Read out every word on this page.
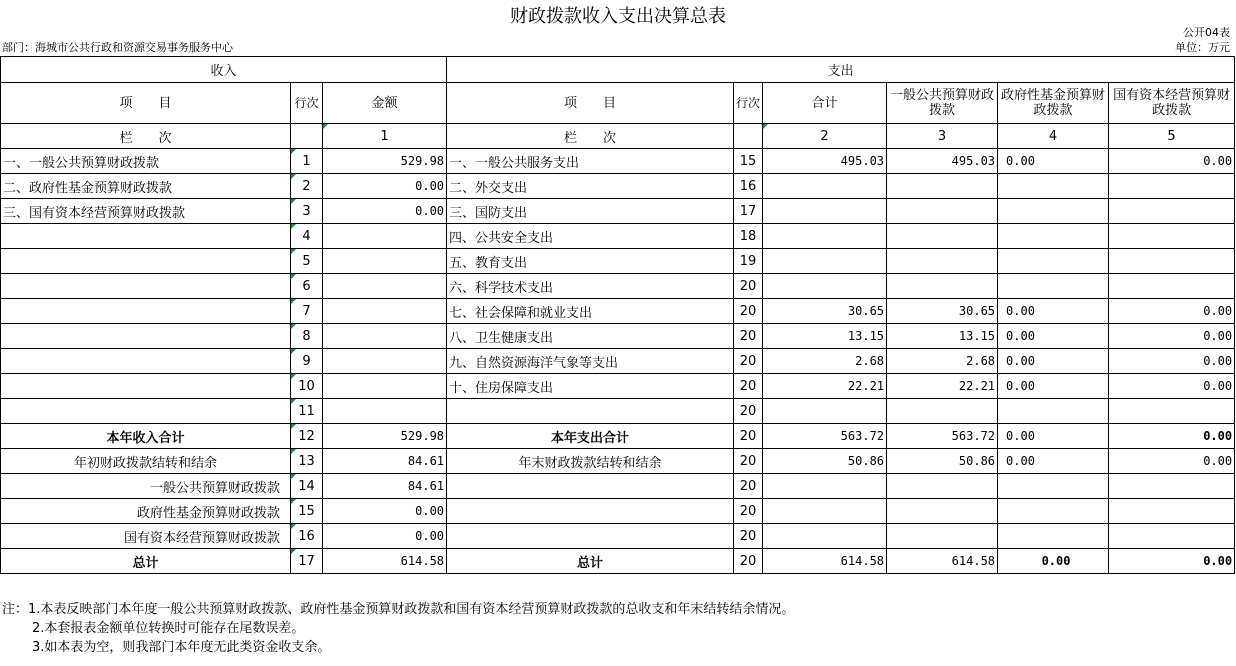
财政拨款收入支出决算总表
公开04表
部门：海城市公共行政和资源交易事务服务中心	单位：万元
收入			支出					
项　　目	行次	金额	项　　目	行次	合计	一般公共预算财政拨款	政府性基金预算财政拨款	国有资本经营预算财政拨款
栏　　次		1	栏　　次		2	3	4	5
一、一般公共预算财政拨款	1	529.98	一、一般公共服务支出	15	495.03	495.03	0.00	0.00
二、政府性基金预算财政拨款	2	0.00	二、外交支出	16				
三、国有资本经营预算财政拨款	3	0.00	三、国防支出	17				
	4		四、公共安全支出	18				
	5		五、教育支出	19				
	6		六、科学技术支出	20				
	7		七、社会保障和就业支出	20	30.65	30.65	0.00	0.00
	8		八、卫生健康支出	20	13.15	13.15	0.00	0.00
	9		九、自然资源海洋气象等支出	20	2.68	2.68	0.00	0.00
	10		十、住房保障支出	20	22.21	22.21	0.00	0.00
	11			20				
本年收入合计	12	529.98	本年支出合计	20	563.72	563.72	0.00	0.00
年初财政拨款结转和结余	13	84.61	年末财政拨款结转和结余	20	50.86	50.86	0.00	0.00
一般公共预算财政拨款	14	84.61		20				
政府性基金预算财政拨款	15	0.00		20				
国有资本经营预算财政拨款	16	0.00		20				
总计	17	614.58	总计	20	614.58	614.58	0.00	0.00
注：1.本表反映部门本年度一般公共预算财政拨款、政府性基金预算财政拨款和国有资本经营预算财政拨款的总收支和年末结转结余情况。
2.本套报表金额单位转换时可能存在尾数误差。
3.如本表为空，则我部门本年度无此类资金收支余。
